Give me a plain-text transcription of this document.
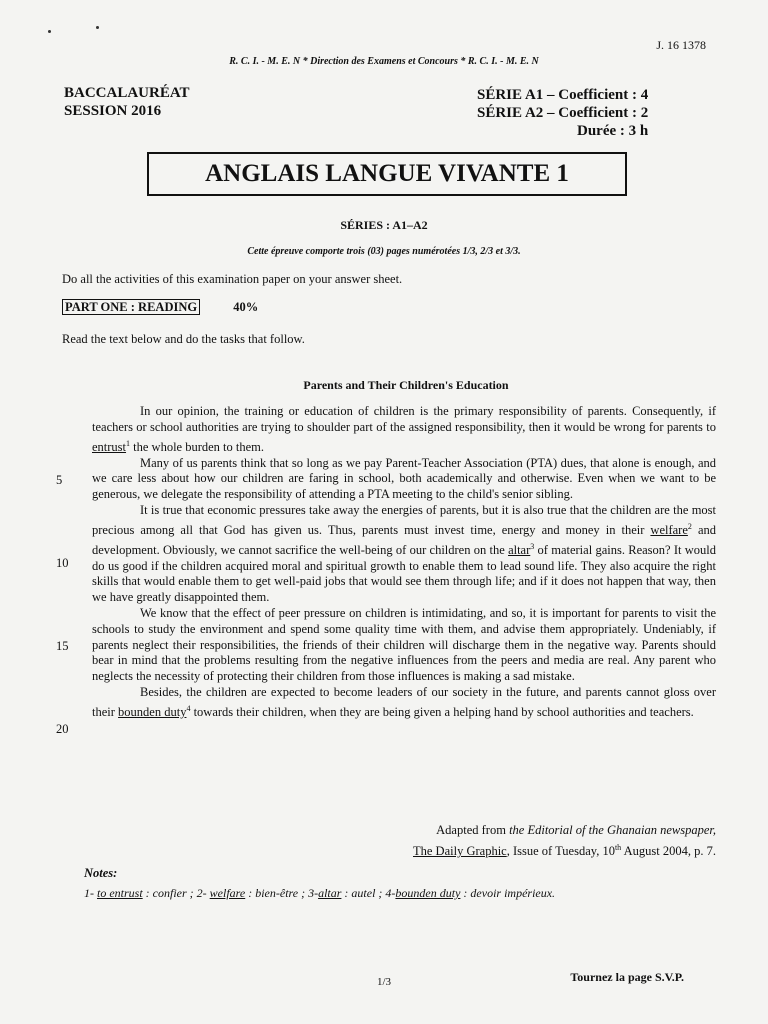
J. 16 1378
R. C. I. - M. E. N * Direction des Examens et Concours * R. C. I. - M. E. N
BACCALAURÉAT
SESSION 2016
SÉRIE A1 – Coefficient : 4
SÉRIE A2 – Coefficient : 2
Durée : 3 h
ANGLAIS LANGUE VIVANTE 1
SÉRIES : A1–A2
Cette épreuve comporte trois (03) pages numérotées 1/3, 2/3 et 3/3.
Do all the activities of this examination paper on your answer sheet.
PART ONE : READING	40%
Read the text below and do the tasks that follow.
Parents and Their Children's Education
5
10
15
20

In our opinion, the training or education of children is the primary responsibility of parents. Consequently, if teachers or school authorities are trying to shoulder part of the assigned responsibility, then it would be wrong for parents to entrust$^1$ the whole burden to them.

Many of us parents think that so long as we pay Parent-Teacher Association (PTA) dues, that alone is enough, and we care less about how our children are faring in school, both academically and otherwise. Even when we want to be generous, we delegate the responsibility of attending a PTA meeting to the child's senior sibling.

It is true that economic pressures take away the energies of parents, but it is also true that the children are the most precious among all that God has given us. Thus, parents must invest time, energy and money in their welfare$^2$ and development. Obviously, we cannot sacrifice the well-being of our children on the altar$^3$ of material gains. Reason? It would do us good if the children acquired moral and spiritual growth to enable them to lead sound life. They also acquire the right skills that would enable them to get well-paid jobs that would see them through life; and if it does not happen that way, then we have greatly disappointed them.

We know that the effect of peer pressure on children is intimidating, and so, it is important for parents to visit the schools to study the environment and spend some quality time with them, and advise them appropriately. Undeniably, if parents neglect their responsibilities, the friends of their children will discharge them in the negative way. Parents should bear in mind that the problems resulting from the negative influences from the peers and media are real. Any parent who neglects the necessity of protecting their children from those influences is making a sad mistake.

Besides, the children are expected to become leaders of our society in the future, and parents cannot gloss over their bounden duty$^4$ towards their children, when they are being given a helping hand by school authorities and teachers.

Adapted from the Editorial of the Ghanaian newspaper,
The Daily Graphic, Issue of Tuesday, 10th August 2004, p. 7.
Notes:
1- to entrust : confier ; 2- welfare : bien-être ; 3-altar : autel ; 4-bounden duty : devoir impérieux.
1/3	Tournez la page S.V.P.
